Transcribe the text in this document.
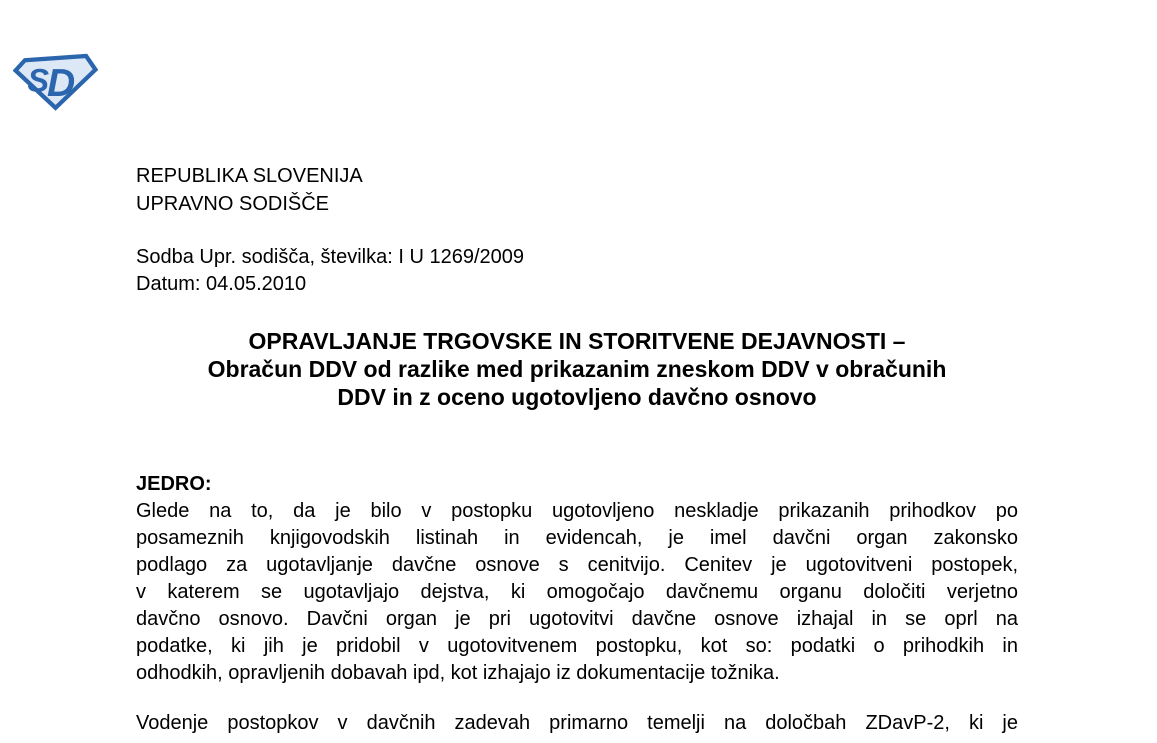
S
D
REPUBLIKA SLOVENIJA
UPRAVNO SODIŠČE
Sodba Upr. sodišča, številka: I U 1269/2009
Datum: 04.05.2010
OPRAVLJANJE TRGOVSKE IN STORITVENE DEJAVNOSTI –
Obračun DDV od razlike med prikazanim zneskom DDV v obračunih
DDV in z oceno ugotovljeno davčno osnovo
JEDRO:
Glede na to, da je bilo v postopku ugotovljeno neskladje prikazanih prihodkov po
posameznih knjigovodskih listinah in evidencah, je imel davčni organ zakonsko
podlago za ugotavljanje davčne osnove s cenitvijo. Cenitev je ugotovitveni postopek,
v katerem se ugotavljajo dejstva, ki omogočajo davčnemu organu določiti verjetno
davčno osnovo. Davčni organ je pri ugotovitvi davčne osnove izhajal in se oprl na
podatke, ki jih je pridobil v ugotovitvenem postopku, kot so: podatki o prihodkih in
odhodkih, opravljenih dobavah ipd, kot izhajajo iz dokumentacije tožnika.
Vodenje postopkov v davčnih zadevah primarno temelji na določbah ZDavP-2, ki je
